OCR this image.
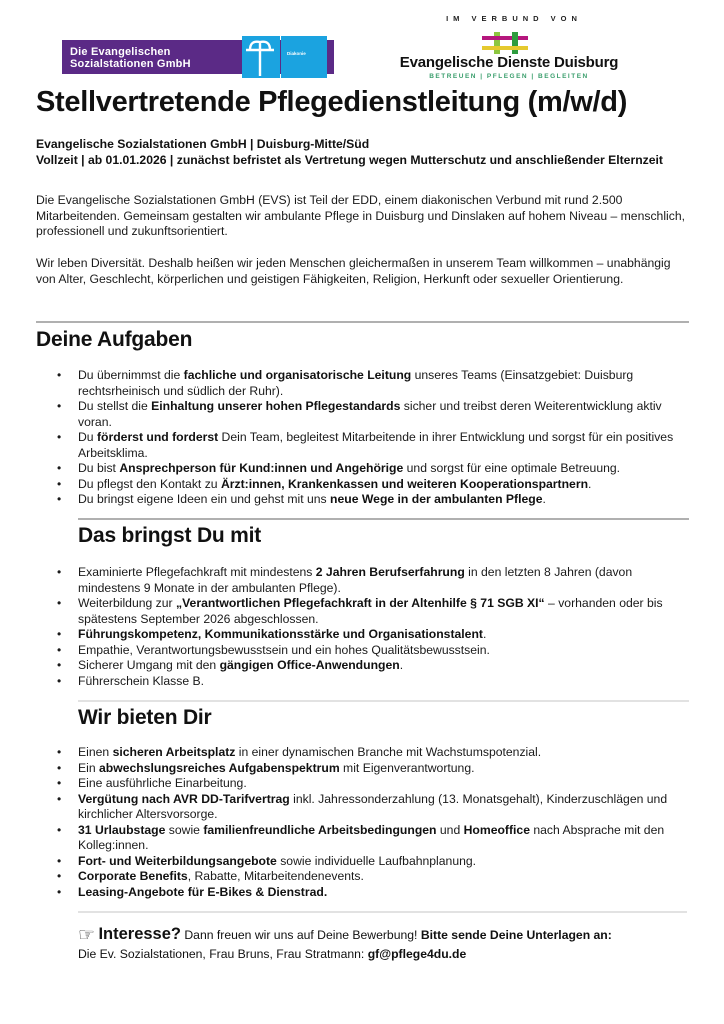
Die Evangelischen
Sozialstationen GmbH
Diakonie
IM VERBUND VON
Evangelische Dienste Duisburg
BETREUEN | PFLEGEN | BEGLEITEN
Stellvertretende Pflegedienstleitung (m/w/d)
Evangelische Sozialstationen GmbH | Duisburg-Mitte/Süd
Vollzeit | ab 01.01.2026 | zunächst befristet als Vertretung wegen Mutterschutz und anschließender Elternzeit

Die Evangelische Sozialstationen GmbH (EVS) ist Teil der EDD, einem diakonischen Verbund mit rund 2.500 Mitarbeitenden. Gemeinsam gestalten wir ambulante Pflege in Duisburg und Dinslaken auf hohem Niveau – menschlich, professionell und zukunftsorientiert.

Wir leben Diversität. Deshalb heißen wir jeden Menschen gleichermaßen in unserem Team willkommen – unabhängig von Alter, Geschlecht, körperlichen und geistigen Fähigkeiten, Religion, Herkunft oder sexueller Orientierung.

Deine Aufgaben
• Du übernimmst die fachliche und organisatorische Leitung unseres Teams (Einsatzgebiet: Duisburg rechtsrheinisch und südlich der Ruhr).
• Du stellst die Einhaltung unserer hohen Pflegestandards sicher und treibst deren Weiterentwicklung aktiv voran.
• Du förderst und forderst Dein Team, begleitest Mitarbeitende in ihrer Entwicklung und sorgst für ein positives Arbeitsklima.
• Du bist Ansprechperson für Kund:innen und Angehörige und sorgst für eine optimale Betreuung.
• Du pflegst den Kontakt zu Ärzt:innen, Krankenkassen und weiteren Kooperationspartnern.
• Du bringst eigene Ideen ein und gehst mit uns neue Wege in der ambulanten Pflege.
Das bringst Du mit
• Examinierte Pflegefachkraft mit mindestens 2 Jahren Berufserfahrung in den letzten 8 Jahren (davon mindestens 9 Monate in der ambulanten Pflege).
• Weiterbildung zur „Verantwortlichen Pflegefachkraft in der Altenhilfe § 71 SGB XI“ – vorhanden oder bis spätestens September 2026 abgeschlossen.
• Führungskompetenz, Kommunikationsstärke und Organisationstalent.
• Empathie, Verantwortungsbewusstsein und ein hohes Qualitätsbewusstsein.
• Sicherer Umgang mit den gängigen Office-Anwendungen.
• Führerschein Klasse B.
Wir bieten Dir
• Einen sicheren Arbeitsplatz in einer dynamischen Branche mit Wachstumspotenzial.
• Ein abwechslungsreiches Aufgabenspektrum mit Eigenverantwortung.
• Eine ausführliche Einarbeitung.
• Vergütung nach AVR DD-Tarifvertrag inkl. Jahressonderzahlung (13. Monatsgehalt), Kinderzuschlägen und kirchlicher Altersvorsorge.
• 31 Urlaubstage sowie familienfreundliche Arbeitsbedingungen und Homeoffice nach Absprache mit den Kolleg:innen.
• Fort- und Weiterbildungsangebote sowie individuelle Laufbahnplanung.
• Corporate Benefits, Rabatte, Mitarbeitendenevents.
• Leasing-Angebote für E-Bikes & Dienstrad.
☞ Interesse? Dann freuen wir uns auf Deine Bewerbung! Bitte sende Deine Unterlagen an:
Die Ev. Sozialstationen, Frau Bruns, Frau Stratmann: gf@pflege4du.de
